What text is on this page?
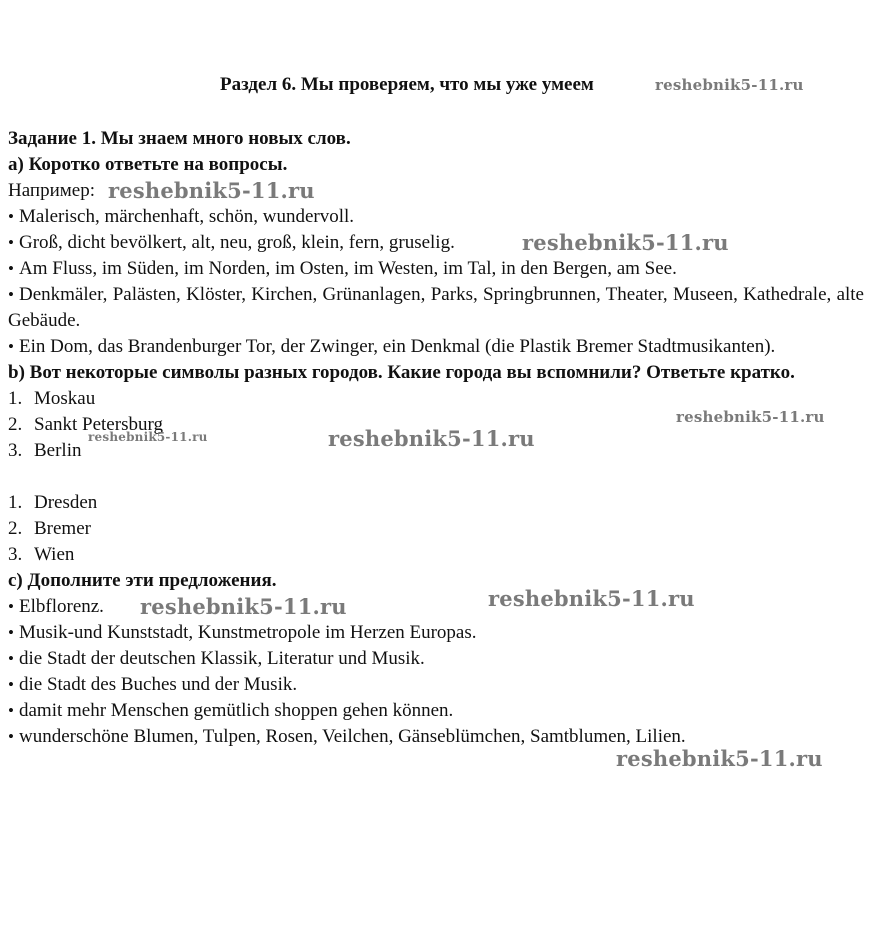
Раздел 6. Мы проверяем, что мы уже умеем
Задание 1. Мы знаем много новых слов.
а) Коротко ответьте на вопросы.
Например:
• Malerisch, märchenhaft, schön, wundervoll.
• Groß, dicht bevölkert, alt, neu, groß, klein, fern, gruselig.
• Am Fluss, im Süden, im Norden, im Osten, im Westen, im Tal, in den Bergen, am See.
• Denkmäler, Palästen, Klöster, Kirchen, Grünanlagen, Parks, Springbrunnen, Theater, Museen, Kathedrale, alte Gebäude.
• Ein Dom, das Brandenburger Tor, der Zwinger, ein Denkmal (die Plastik Bremer Stadtmusikanten).
b) Вот некоторые символы разных городов. Какие города вы вспомнили? Ответьте кратко.
1. Moskau
2. Sankt Petersburg
3. Berlin
1. Dresden
2. Bremer
3. Wien
c) Дополните эти предложения.
• Elbflorenz.
• Musik-und Kunststadt, Kunstmetropole im Herzen Europas.
• die Stadt der deutschen Klassik, Literatur und Musik.
• die Stadt des Buches und der Musik.
• damit mehr Menschen gemütlich shoppen gehen können.
• wunderschöne Blumen, Tulpen, Rosen, Veilchen, Gänseblümchen, Samtblumen, Lilien.
reshebnik5-11.ru
reshebnik5-11.ru
reshebnik5-11.ru
reshebnik5-11.ru
reshebnik5-11.ru	reshebnik5-11.ru
reshebnik5-11.ru
reshebnik5-11.ru
reshebnik5-11.ru
